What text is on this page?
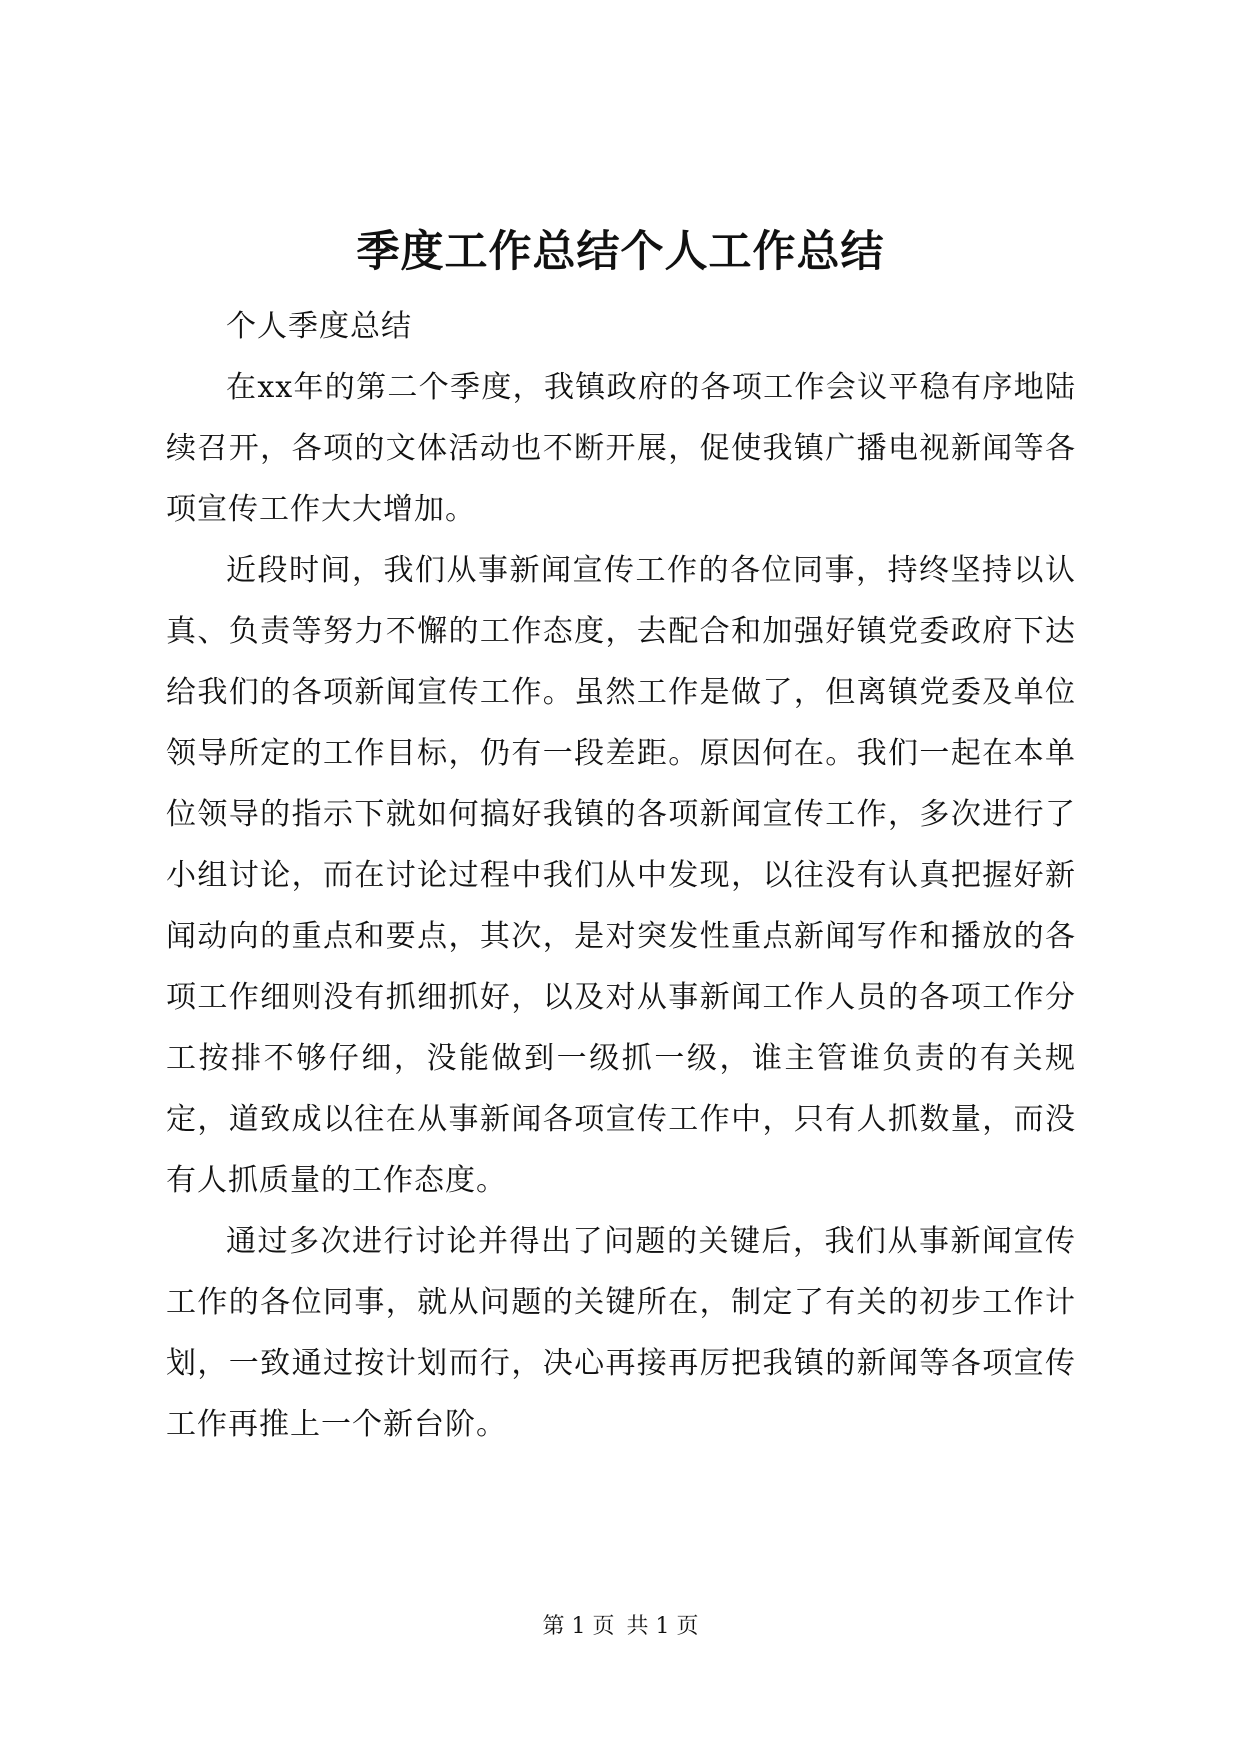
季度工作总结个人工作总结

个人季度总结

在xx年的第二个季度，我镇政府的各项工作会议平稳有序地陆续召开，各项的文体活动也不断开展，促使我镇广播电视新闻等各项宣传工作大大增加。

近段时间，我们从事新闻宣传工作的各位同事，持终坚持以认真、负责等努力不懈的工作态度，去配合和加强好镇党委政府下达给我们的各项新闻宣传工作。虽然工作是做了，但离镇党委及单位领导所定的工作目标，仍有一段差距。原因何在。我们一起在本单位领导的指示下就如何搞好我镇的各项新闻宣传工作，多次进行了小组讨论，而在讨论过程中我们从中发现，以往没有认真把握好新闻动向的重点和要点，其次，是对突发性重点新闻写作和播放的各项工作细则没有抓细抓好，以及对从事新闻工作人员的各项工作分工按排不够仔细，没能做到一级抓一级，谁主管谁负责的有关规定，道致成以往在从事新闻各项宣传工作中，只有人抓数量，而没有人抓质量的工作态度。

通过多次进行讨论并得出了问题的关键后，我们从事新闻宣传工作的各位同事，就从问题的关键所在，制定了有关的初步工作计划，一致通过按计划而行，决心再接再厉把我镇的新闻等各项宣传工作再推上一个新台阶。

第 1 页 共 1 页
